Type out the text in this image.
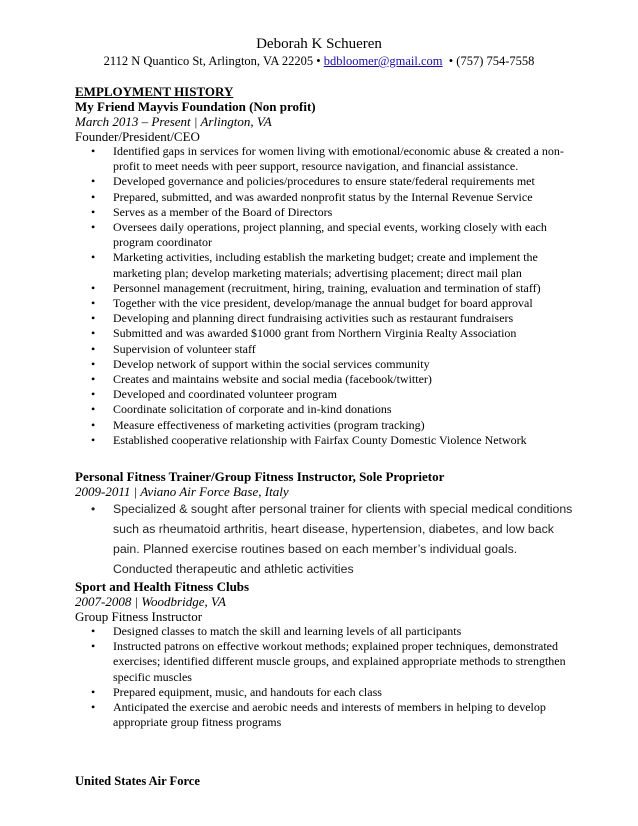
Deborah K Schueren
2112 N Quantico St, Arlington, VA 22205 • bdbloomer@gmail.com • (757) 754-7558
EMPLOYMENT HISTORY
My Friend Mayvis Foundation (Non profit)
March 2013 – Present | Arlington, VA
Founder/President/CEO
• Identified gaps in services for women living with emotional/economic abuse & created a non-profit to meet needs with peer support, resource navigation, and financial assistance.
• Developed governance and policies/procedures to ensure state/federal requirements met
• Prepared, submitted, and was awarded nonprofit status by the Internal Revenue Service
• Serves as a member of the Board of Directors
• Oversees daily operations, project planning, and special events, working closely with each program coordinator
• Marketing activities, including establish the marketing budget; create and implement the marketing plan; develop marketing materials; advertising placement; direct mail plan
• Personnel management (recruitment, hiring, training, evaluation and termination of staff)
• Together with the vice president, develop/manage the annual budget for board approval
• Developing and planning direct fundraising activities such as restaurant fundraisers
• Submitted and was awarded $1000 grant from Northern Virginia Realty Association
• Supervision of volunteer staff
• Develop network of support within the social services community
• Creates and maintains website and social media (facebook/twitter)
• Developed and coordinated volunteer program
• Coordinate solicitation of corporate and in-kind donations
• Measure effectiveness of marketing activities (program tracking)
• Established cooperative relationship with Fairfax County Domestic Violence Network
Personal Fitness Trainer/Group Fitness Instructor, Sole Proprietor
2009-2011 | Aviano Air Force Base, Italy
• Specialized & sought after personal trainer for clients with special medical conditions such as rheumatoid arthritis, heart disease, hypertension, diabetes, and low back pain. Planned exercise routines based on each member’s individual goals. Conducted therapeutic and athletic activities
Sport and Health Fitness Clubs
2007-2008 | Woodbridge, VA
Group Fitness Instructor
• Designed classes to match the skill and learning levels of all participants
• Instructed patrons on effective workout methods; explained proper techniques, demonstrated exercises; identified different muscle groups, and explained appropriate methods to strengthen specific muscles
• Prepared equipment, music, and handouts for each class
• Anticipated the exercise and aerobic needs and interests of members in helping to develop appropriate group fitness programs
United States Air Force
